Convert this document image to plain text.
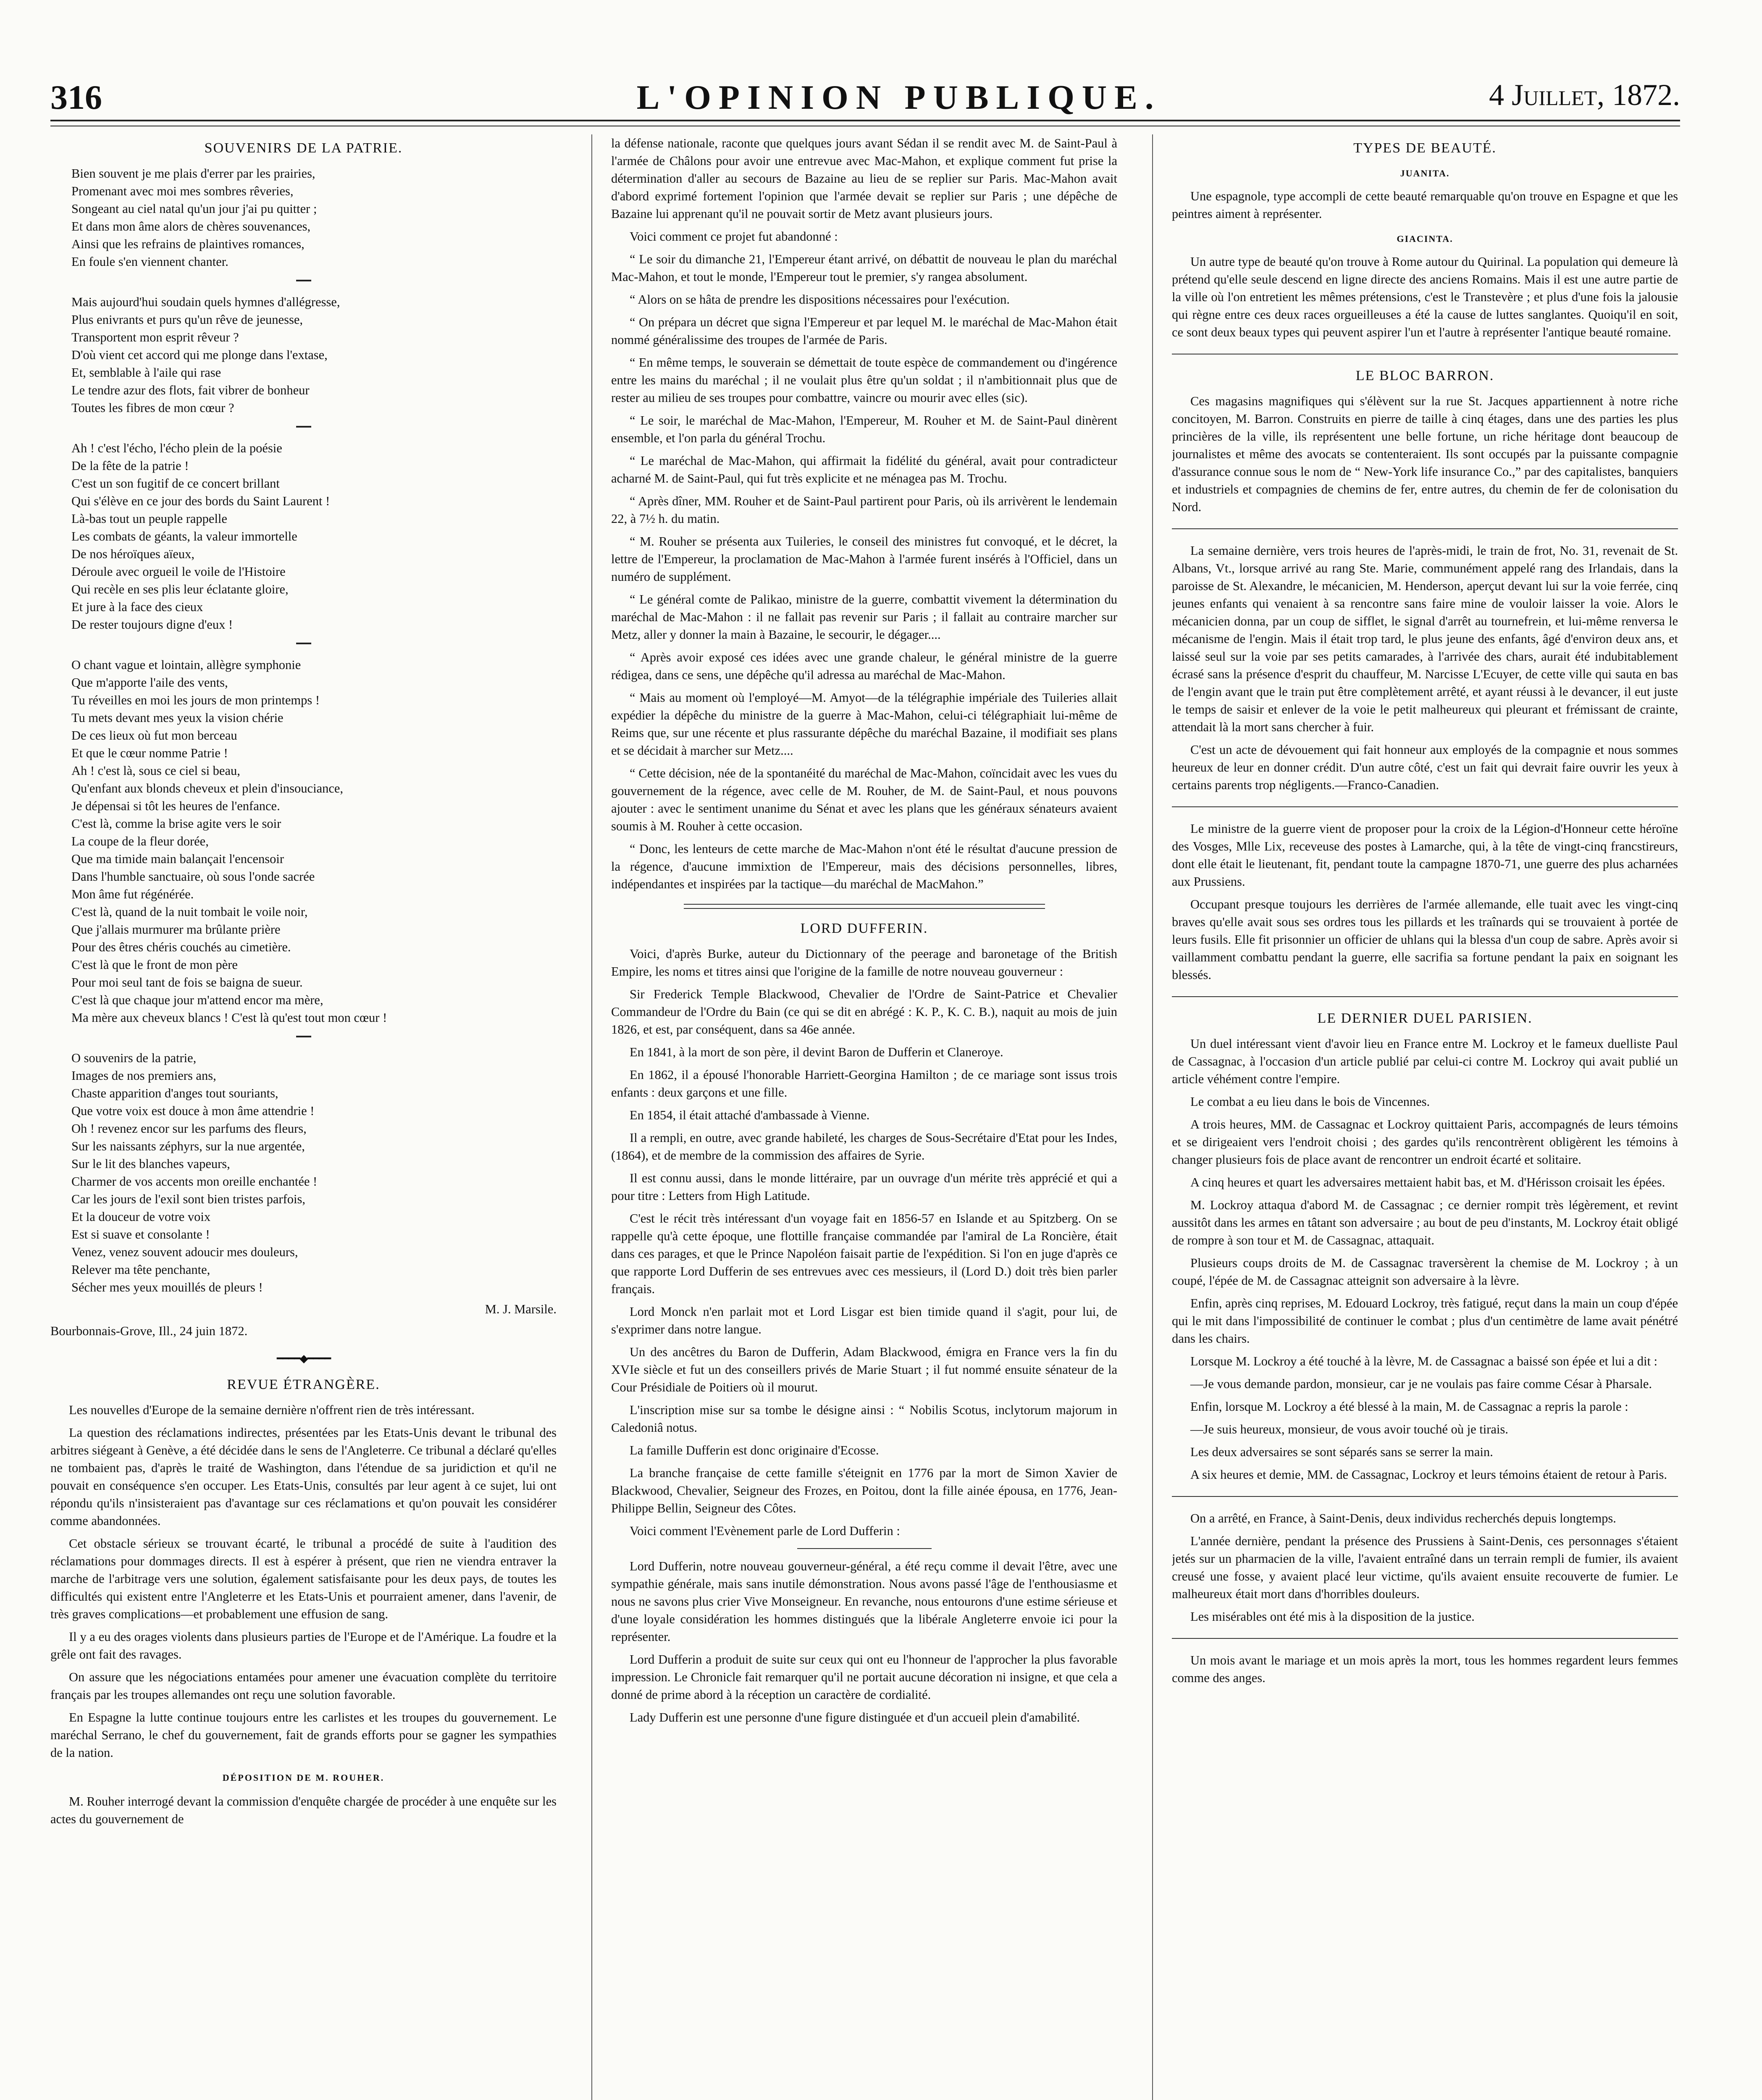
316	L'OPINION PUBLIQUE.	4 Juillet, 1872.
SOUVENIRS DE LA PATRIE.
Bien souvent je me plais d'errer par les prairies,
Promenant avec moi mes sombres rêveries,
Songeant au ciel natal qu'un jour j'ai pu quitter ;
Et dans mon âme alors de chères souvenances,
Ainsi que les refrains de plaintives romances,
En foule s'en viennent chanter.
Mais aujourd'hui soudain quels hymnes d'allégresse,
Plus enivrants et purs qu'un rêve de jeunesse,
Transportent mon esprit rêveur ?
D'où vient cet accord qui me plonge dans l'extase,
Et, semblable à l'aile qui rase
Le tendre azur des flots, fait vibrer de bonheur
Toutes les fibres de mon cœur ?
Ah ! c'est l'écho, l'écho plein de la poésie
De la fête de la patrie !
C'est un son fugitif de ce concert brillant
Qui s'élève en ce jour des bords du Saint Laurent !
Là-bas tout un peuple rappelle
Les combats de géants, la valeur immortelle
De nos héroïques aïeux,
Déroule avec orgueil le voile de l'Histoire
Qui recèle en ses plis leur éclatante gloire,
Et jure à la face des cieux
De rester toujours digne d'eux !
O chant vague et lointain, allègre symphonie
Que m'apporte l'aile des vents,
Tu réveilles en moi les jours de mon printemps !
Tu mets devant mes yeux la vision chérie
De ces lieux où fut mon berceau
Et que le cœur nomme Patrie !
Ah ! c'est là, sous ce ciel si beau,
Qu'enfant aux blonds cheveux et plein d'insouciance,
Je dépensai si tôt les heures de l'enfance.
C'est là, comme la brise agite vers le soir
La coupe de la fleur dorée,
Que ma timide main balançait l'encensoir
Dans l'humble sanctuaire, où sous l'onde sacrée
Mon âme fut régénérée.
C'est là, quand de la nuit tombait le voile noir,
Que j'allais murmurer ma brûlante prière
Pour des êtres chéris couchés au cimetière.
C'est là que le front de mon père
Pour moi seul tant de fois se baigna de sueur.
C'est là que chaque jour m'attend encor ma mère,
Ma mère aux cheveux blancs ! C'est là qu'est tout mon cœur !
O souvenirs de la patrie,
Images de nos premiers ans,
Chaste apparition d'anges tout souriants,
Que votre voix est douce à mon âme attendrie !
Oh ! revenez encor sur les parfums des fleurs,
Sur les naissants zéphyrs, sur la nue argentée,
Sur le lit des blanches vapeurs,
Charmer de vos accents mon oreille enchantée !
Car les jours de l'exil sont bien tristes parfois,
Et la douceur de votre voix
Est si suave et consolante !
Venez, venez souvent adoucir mes douleurs,
Relever ma tête penchante,
Sécher mes yeux mouillés de pleurs !
M. J. Marsile.

Bourbonnais-Grove, Ill., 24 juin 1872.

━━━━◆━━━━
REVUE ÉTRANGÈRE.

Les nouvelles d'Europe de la semaine dernière n'offrent rien de très intéressant.

La question des réclamations indirectes, présentées par les Etats-Unis devant le tribunal des arbitres siégeant à Genève, a été décidée dans le sens de l'Angleterre. Ce tribunal a déclaré qu'elles ne tombaient pas, d'après le traité de Washington, dans l'étendue de sa juridiction et qu'il ne pouvait en conséquence s'en occuper. Les Etats-Unis, consultés par leur agent à ce sujet, lui ont répondu qu'ils n'insisteraient pas d'avantage sur ces réclamations et qu'on pouvait les considérer comme abandonnées.

Cet obstacle sérieux se trouvant écarté, le tribunal a procédé de suite à l'audition des réclamations pour dommages directs. Il est à espérer à présent, que rien ne viendra entraver la marche de l'arbitrage vers une solution, également satisfaisante pour les deux pays, de toutes les difficultés qui existent entre l'Angleterre et les Etats-Unis et pourraient amener, dans l'avenir, de très graves complications—et probablement une effusion de sang.

Il y a eu des orages violents dans plusieurs parties de l'Europe et de l'Amérique. La foudre et la grêle ont fait des ravages.

On assure que les négociations entamées pour amener une évacuation complète du territoire français par les troupes allemandes ont reçu une solution favorable.

En Espagne la lutte continue toujours entre les carlistes et les troupes du gouvernement. Le maréchal Serrano, le chef du gouvernement, fait de grands efforts pour se gagner les sympathies de la nation.

DÉPOSITION DE M. ROUHER.

M. Rouher interrogé devant la commission d'enquête chargée de procéder à une enquête sur les actes du gouvernement de

la défense nationale, raconte que quelques jours avant Sédan il se rendit avec M. de Saint-Paul à l'armée de Châlons pour avoir une entrevue avec Mac-Mahon, et explique comment fut prise la détermination d'aller au secours de Bazaine au lieu de se replier sur Paris. Mac-Mahon avait d'abord exprimé fortement l'opinion que l'armée devait se replier sur Paris ; une dépêche de Bazaine lui apprenant qu'il ne pouvait sortir de Metz avant plusieurs jours.

Voici comment ce projet fut abandonné :

“ Le soir du dimanche 21, l'Empereur étant arrivé, on débattit de nouveau le plan du maréchal Mac-Mahon, et tout le monde, l'Empereur tout le premier, s'y rangea absolument.

“ Alors on se hâta de prendre les dispositions nécessaires pour l'exécution.

“ On prépara un décret que signa l'Empereur et par lequel M. le maréchal de Mac-Mahon était nommé généralissime des troupes de l'armée de Paris.

“ En même temps, le souverain se démettait de toute espèce de commandement ou d'ingérence entre les mains du maréchal ; il ne voulait plus être qu'un soldat ; il n'ambitionnait plus que de rester au milieu de ses troupes pour combattre, vaincre ou mourir avec elles (sic).

“ Le soir, le maréchal de Mac-Mahon, l'Empereur, M. Rouher et M. de Saint-Paul dinèrent ensemble, et l'on parla du général Trochu.

“ Le maréchal de Mac-Mahon, qui affirmait la fidélité du général, avait pour contradicteur acharné M. de Saint-Paul, qui fut très explicite et ne ménagea pas M. Trochu.

“ Après dîner, MM. Rouher et de Saint-Paul partirent pour Paris, où ils arrivèrent le lendemain 22, à 7½ h. du matin.

“ M. Rouher se présenta aux Tuileries, le conseil des ministres fut convoqué, et le décret, la lettre de l'Empereur, la proclamation de Mac-Mahon à l'armée furent insérés à l'Officiel, dans un numéro de supplément.

“ Le général comte de Palikao, ministre de la guerre, combattit vivement la détermination du maréchal de Mac-Mahon : il ne fallait pas revenir sur Paris ; il fallait au contraire marcher sur Metz, aller y donner la main à Bazaine, le secourir, le dégager....

“ Après avoir exposé ces idées avec une grande chaleur, le général ministre de la guerre rédigea, dans ce sens, une dépêche qu'il adressa au maréchal de Mac-Mahon.

“ Mais au moment où l'employé—M. Amyot—de la télégraphie impériale des Tuileries allait expédier la dépêche du ministre de la guerre à Mac-Mahon, celui-ci télégraphiait lui-même de Reims que, sur une récente et plus rassurante dépêche du maréchal Bazaine, il modifiait ses plans et se décidait à marcher sur Metz....

“ Cette décision, née de la spontanéité du maréchal de Mac-Mahon, coïncidait avec les vues du gouvernement de la régence, avec celle de M. Rouher, de M. de Saint-Paul, et nous pouvons ajouter : avec le sentiment unanime du Sénat et avec les plans que les généraux sénateurs avaient soumis à M. Rouher à cette occasion.

“ Donc, les lenteurs de cette marche de Mac-Mahon n'ont été le résultat d'aucune pression de la régence, d'aucune immixtion de l'Empereur, mais des décisions personnelles, libres, indépendantes et inspirées par la tactique—du maréchal de MacMahon.”

LORD DUFFERIN.

Voici, d'après Burke, auteur du Dictionnary of the peerage and baronetage of the British Empire, les noms et titres ainsi que l'origine de la famille de notre nouveau gouverneur :

Sir Frederick Temple Blackwood, Chevalier de l'Ordre de Saint-Patrice et Chevalier Commandeur de l'Ordre du Bain (ce qui se dit en abrégé : K. P., K. C. B.), naquit au mois de juin 1826, et est, par conséquent, dans sa 46e année.

En 1841, à la mort de son père, il devint Baron de Dufferin et Claneroye.

En 1862, il a épousé l'honorable Harriett-Georgina Hamilton ; de ce mariage sont issus trois enfants : deux garçons et une fille.

En 1854, il était attaché d'ambassade à Vienne.

Il a rempli, en outre, avec grande habileté, les charges de Sous-Secrétaire d'Etat pour les Indes, (1864), et de membre de la commission des affaires de Syrie.

Il est connu aussi, dans le monde littéraire, par un ouvrage d'un mérite très apprécié et qui a pour titre : Letters from High Latitude.

C'est le récit très intéressant d'un voyage fait en 1856-57 en Islande et au Spitzberg. On se rappelle qu'à cette époque, une flottille française commandée par l'amiral de La Roncière, était dans ces parages, et que le Prince Napoléon faisait partie de l'expédition. Si l'on en juge d'après ce que rapporte Lord Dufferin de ses entrevues avec ces messieurs, il (Lord D.) doit très bien parler français.

Lord Monck n'en parlait mot et Lord Lisgar est bien timide quand il s'agit, pour lui, de s'exprimer dans notre langue.

Un des ancêtres du Baron de Dufferin, Adam Blackwood, émigra en France vers la fin du XVIe siècle et fut un des conseillers privés de Marie Stuart ; il fut nommé ensuite sénateur de la Cour Présidiale de Poitiers où il mourut.

L'inscription mise sur sa tombe le désigne ainsi : “ Nobilis Scotus, inclytorum majorum in Caledoniâ notus.

La famille Dufferin est donc originaire d'Ecosse.

La branche française de cette famille s'éteignit en 1776 par la mort de Simon Xavier de Blackwood, Chevalier, Seigneur des Frozes, en Poitou, dont la fille ainée épousa, en 1776, Jean-Philippe Bellin, Seigneur des Côtes.

Voici comment l'Evènement parle de Lord Dufferin :

Lord Dufferin, notre nouveau gouverneur-général, a été reçu comme il devait l'être, avec une sympathie générale, mais sans inutile démonstration. Nous avons passé l'âge de l'enthousiasme et nous ne savons plus crier Vive Monseigneur. En revanche, nous entourons d'une estime sérieuse et d'une loyale considération les hommes distingués que la libérale Angleterre envoie ici pour la représenter.

Lord Dufferin a produit de suite sur ceux qui ont eu l'honneur de l'approcher la plus favorable impression. Le Chronicle fait remarquer qu'il ne portait aucune décoration ni insigne, et que cela a donné de prime abord à la réception un caractère de cordialité.

Lady Dufferin est une personne d'une figure distinguée et d'un accueil plein d'amabilité.

TYPES DE BEAUTÉ.
JUANITA.

Une espagnole, type accompli de cette beauté remarquable qu'on trouve en Espagne et que les peintres aiment à représenter.

GIACINTA.

Un autre type de beauté qu'on trouve à Rome autour du Quirinal. La population qui demeure là prétend qu'elle seule descend en ligne directe des anciens Romains. Mais il est une autre partie de la ville où l'on entretient les mêmes prétensions, c'est le Transtevère ; et plus d'une fois la jalousie qui règne entre ces deux races orgueilleuses a été la cause de luttes sanglantes. Quoiqu'il en soit, ce sont deux beaux types qui peuvent aspirer l'un et l'autre à représenter l'antique beauté romaine.

LE BLOC BARRON.

Ces magasins magnifiques qui s'élèvent sur la rue St. Jacques appartiennent à notre riche concitoyen, M. Barron. Construits en pierre de taille à cinq étages, dans une des parties les plus princières de la ville, ils représentent une belle fortune, un riche héritage dont beaucoup de journalistes et même des avocats se contenteraient. Ils sont occupés par la puissante compagnie d'assurance connue sous le nom de “ New-York life insurance Co.,” par des capitalistes, banquiers et industriels et compagnies de chemins de fer, entre autres, du chemin de fer de colonisation du Nord.

La semaine dernière, vers trois heures de l'après-midi, le train de frot, No. 31, revenait de St. Albans, Vt., lorsque arrivé au rang Ste. Marie, communément appelé rang des Irlandais, dans la paroisse de St. Alexandre, le mécanicien, M. Henderson, aperçut devant lui sur la voie ferrée, cinq jeunes enfants qui venaient à sa rencontre sans faire mine de vouloir laisser la voie. Alors le mécanicien donna, par un coup de sifflet, le signal d'arrêt au tournefrein, et lui-même renversa le mécanisme de l'engin. Mais il était trop tard, le plus jeune des enfants, âgé d'environ deux ans, et laissé seul sur la voie par ses petits camarades, à l'arrivée des chars, aurait été indubitablement écrasé sans la présence d'esprit du chauffeur, M. Narcisse L'Ecuyer, de cette ville qui sauta en bas de l'engin avant que le train put être complètement arrêté, et ayant réussi à le devancer, il eut juste le temps de saisir et enlever de la voie le petit malheureux qui pleurant et frémissant de crainte, attendait là la mort sans chercher à fuir.

C'est un acte de dévouement qui fait honneur aux employés de la compagnie et nous sommes heureux de leur en donner crédit. D'un autre côté, c'est un fait qui devrait faire ouvrir les yeux à certains parents trop négligents.—Franco-Canadien.

Le ministre de la guerre vient de proposer pour la croix de la Légion-d'Honneur cette héroïne des Vosges, Mlle Lix, receveuse des postes à Lamarche, qui, à la tête de vingt-cinq francstireurs, dont elle était le lieutenant, fit, pendant toute la campagne 1870-71, une guerre des plus acharnées aux Prussiens.

Occupant presque toujours les derrières de l'armée allemande, elle tuait avec les vingt-cinq braves qu'elle avait sous ses ordres tous les pillards et les traînards qui se trouvaient à portée de leurs fusils. Elle fit prisonnier un officier de uhlans qui la blessa d'un coup de sabre. Après avoir si vaillamment combattu pendant la guerre, elle sacrifia sa fortune pendant la paix en soignant les blessés.

LE DERNIER DUEL PARISIEN.

Un duel intéressant vient d'avoir lieu en France entre M. Lockroy et le fameux duelliste Paul de Cassagnac, à l'occasion d'un article publié par celui-ci contre M. Lockroy qui avait publié un article véhément contre l'empire.

Le combat a eu lieu dans le bois de Vincennes.

A trois heures, MM. de Cassagnac et Lockroy quittaient Paris, accompagnés de leurs témoins et se dirigeaient vers l'endroit choisi ; des gardes qu'ils rencontrèrent obligèrent les témoins à changer plusieurs fois de place avant de rencontrer un endroit écarté et solitaire.

A cinq heures et quart les adversaires mettaient habit bas, et M. d'Hérisson croisait les épées.

M. Lockroy attaqua d'abord M. de Cassagnac ; ce dernier rompit très légèrement, et revint aussitôt dans les armes en tâtant son adversaire ; au bout de peu d'instants, M. Lockroy était obligé de rompre à son tour et M. de Cassagnac, attaquait.

Plusieurs coups droits de M. de Cassagnac traversèrent la chemise de M. Lockroy ; à un coupé, l'épée de M. de Cassagnac atteignit son adversaire à la lèvre.

Enfin, après cinq reprises, M. Edouard Lockroy, très fatigué, reçut dans la main un coup d'épée qui le mit dans l'impossibilité de continuer le combat ; plus d'un centimètre de lame avait pénétré dans les chairs.

Lorsque M. Lockroy a été touché à la lèvre, M. de Cassagnac a baissé son épée et lui a dit :

—Je vous demande pardon, monsieur, car je ne voulais pas faire comme César à Pharsale.

Enfin, lorsque M. Lockroy a été blessé à la main, M. de Cassagnac a repris la parole :

—Je suis heureux, monsieur, de vous avoir touché où je tirais.

Les deux adversaires se sont séparés sans se serrer la main.

A six heures et demie, MM. de Cassagnac, Lockroy et leurs témoins étaient de retour à Paris.

On a arrêté, en France, à Saint-Denis, deux individus recherchés depuis longtemps.

L'année dernière, pendant la présence des Prussiens à Saint-Denis, ces personnages s'étaient jetés sur un pharmacien de la ville, l'avaient entraîné dans un terrain rempli de fumier, ils avaient creusé une fosse, y avaient placé leur victime, qu'ils avaient ensuite recouverte de fumier. Le malheureux était mort dans d'horribles douleurs.

Les misérables ont été mis à la disposition de la justice.

Un mois avant le mariage et un mois après la mort, tous les hommes regardent leurs femmes comme des anges.
